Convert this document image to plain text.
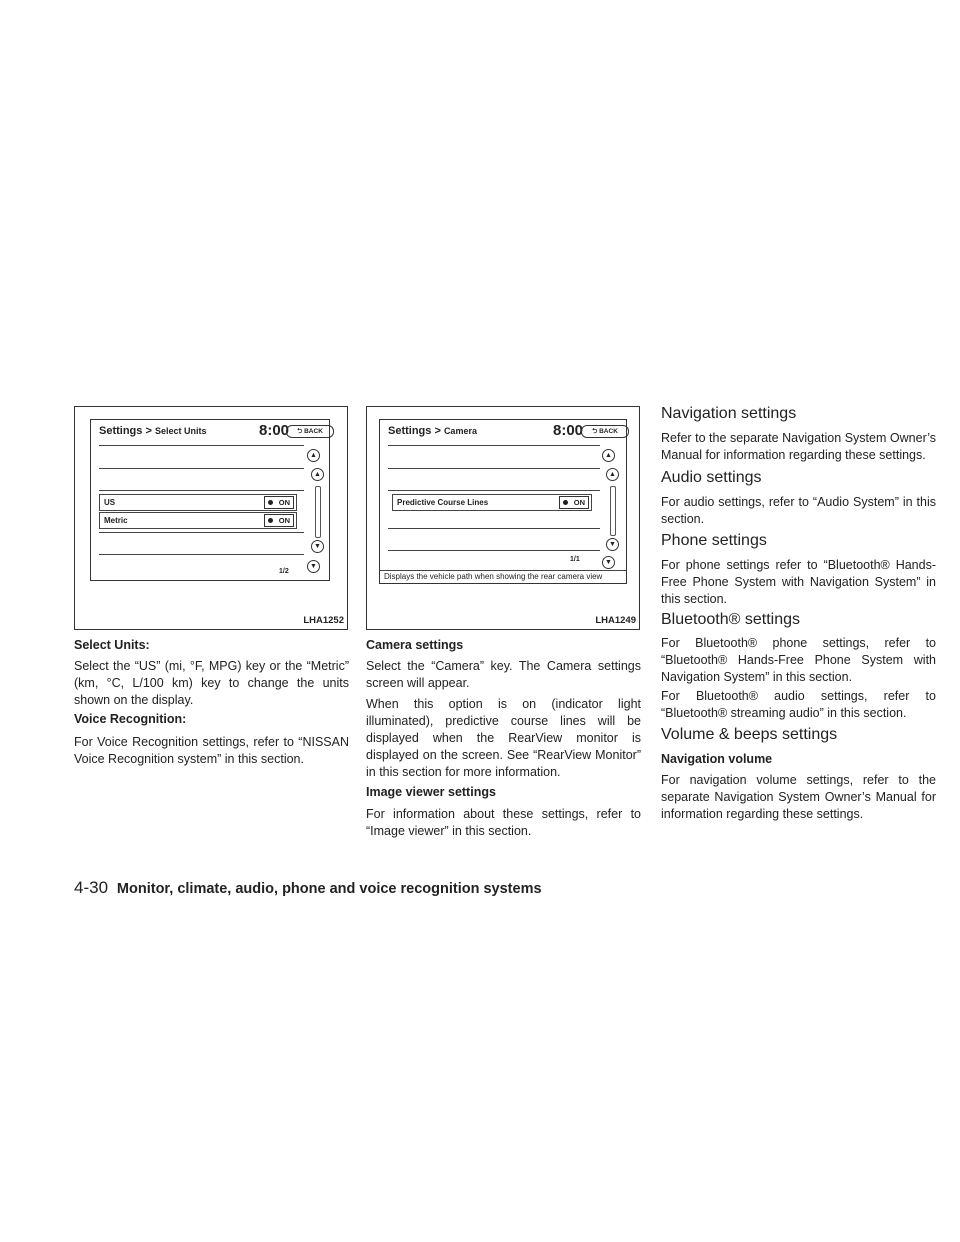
Settings > Select Units	8:00	⮌ BACK
US	ON
Metric	ON
▲
▲
▼
▼
1/2
LHA1252
Settings > Camera	8:00	⮌ BACK
Predictive Course Lines	ON
▲
▲
▼
▼
1/1
Displays the vehicle path when showing the rear camera view
LHA1249
Select Units:
Select the “US” (mi, °F, MPG) key or the “Metric” (km, °C, L/100 km) key to change the units shown on the display.
Voice Recognition:
For Voice Recognition settings, refer to “NISSAN Voice Recognition system” in this section.
Camera settings
Select the “Camera” key. The Camera settings screen will appear.
When this option is on (indicator light illuminated), predictive course lines will be displayed when the RearView monitor is displayed on the screen. See “RearView Monitor” in this section for more information.
Image viewer settings
For information about these settings, refer to “Image viewer” in this section.
Navigation settings
Refer to the separate Navigation System Owner’s Manual for information regarding these settings.
Audio settings
For audio settings, refer to “Audio System” in this section.
Phone settings
For phone settings refer to “Bluetooth® Hands-Free Phone System with Navigation System” in this section.
Bluetooth® settings
For Bluetooth® phone settings, refer to “Bluetooth® Hands-Free Phone System with Navigation System” in this section.
For Bluetooth® audio settings, refer to “Bluetooth® streaming audio” in this section.
Volume & beeps settings
Navigation volume
For navigation volume settings, refer to the separate Navigation System Owner’s Manual for information regarding these settings.
4-30 Monitor, climate, audio, phone and voice recognition systems
